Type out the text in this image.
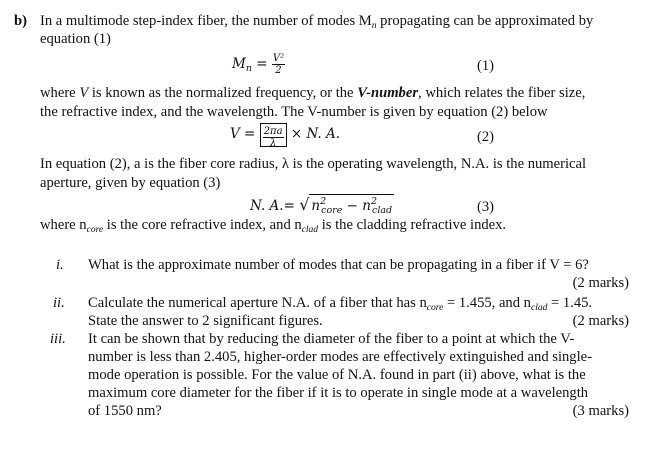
b) In a multimode step-index fiber, the number of modes $M_n$ propagating can be approximated by
equation (1)
$M_n = \frac{\text{V²}}{2}$	(1)
where V is known as the normalized frequency, or the V-number, which relates the fiber size,
the refractive index, and the wavelength. The V-number is given by equation (2) below
$V = \frac{2\pi a}{\lambda} \times N$. A.	(2)
In equation (2), a is the fiber core radius, λ is the operating wavelength, N.A. is the numerical
aperture, given by equation (3)
N. A.= √ $n^2_{core} - n^2_{clad}$	(3)
where $n_{core}$ is the core refractive index, and $n_{clad}$ is the cladding refractive index.
i. What is the approximate number of modes that can be propagating in a fiber if V = 6?
(2 marks)
ii. Calculate the numerical aperture N.A. of a fiber that has $n_{core} = 1.455$, and $n_{clad} = 1.45$.
State the answer to 2 significant figures.	(2 marks)
iii. It can be shown that by reducing the diameter of the fiber to a point at which the V-
number is less than 2.405, higher-order modes are effectively extinguished and single-
mode operation is possible. For the value of N.A. found in part (ii) above, what is the
maximum core diameter for the fiber if it is to operate in single mode at a wavelength
of 1550 nm?	(3 marks)
